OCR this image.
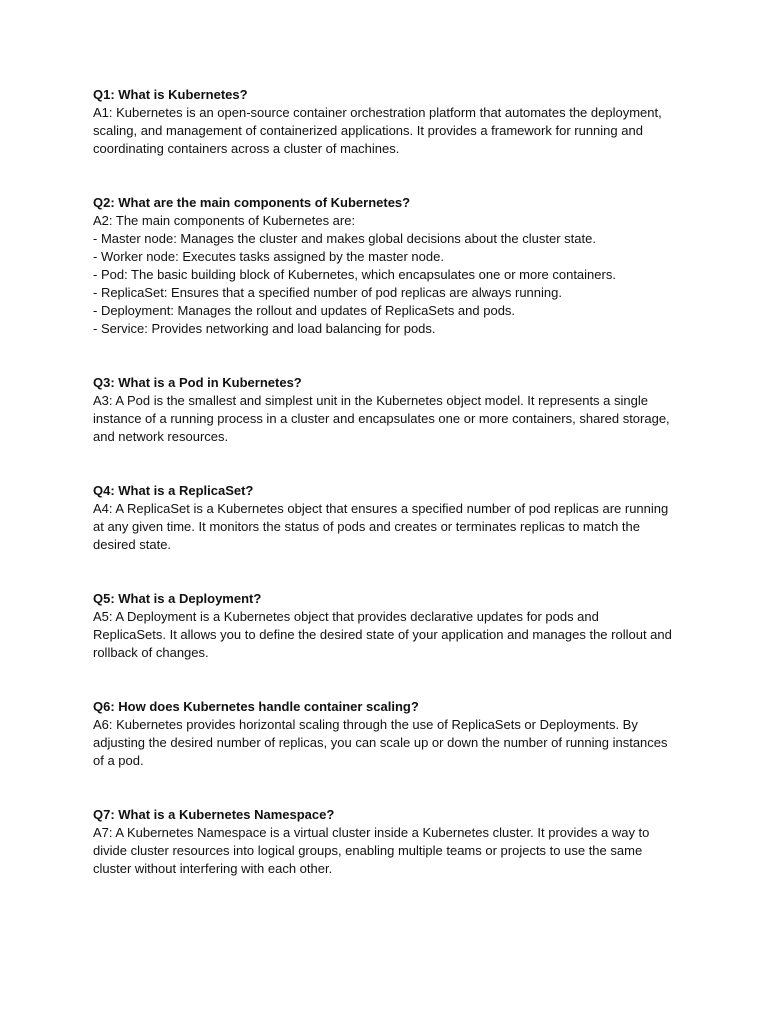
Q1: What is Kubernetes?

A1: Kubernetes is an open-source container orchestration platform that automates the deployment, scaling, and management of containerized applications. It provides a framework for running and coordinating containers across a cluster of machines.

Q2: What are the main components of Kubernetes?

A2: The main components of Kubernetes are:

- Master node: Manages the cluster and makes global decisions about the cluster state.
- Worker node: Executes tasks assigned by the master node.
- Pod: The basic building block of Kubernetes, which encapsulates one or more containers.
- ReplicaSet: Ensures that a specified number of pod replicas are always running.
- Deployment: Manages the rollout and updates of ReplicaSets and pods.
- Service: Provides networking and load balancing for pods.

Q3: What is a Pod in Kubernetes?

A3: A Pod is the smallest and simplest unit in the Kubernetes object model. It represents a single instance of a running process in a cluster and encapsulates one or more containers, shared storage, and network resources.

Q4: What is a ReplicaSet?

A4: A ReplicaSet is a Kubernetes object that ensures a specified number of pod replicas are running at any given time. It monitors the status of pods and creates or terminates replicas to match the desired state.

Q5: What is a Deployment?

A5: A Deployment is a Kubernetes object that provides declarative updates for pods and ReplicaSets. It allows you to define the desired state of your application and manages the rollout and rollback of changes.

Q6: How does Kubernetes handle container scaling?

A6: Kubernetes provides horizontal scaling through the use of ReplicaSets or Deployments. By adjusting the desired number of replicas, you can scale up or down the number of running instances of a pod.

Q7: What is a Kubernetes Namespace?

A7: A Kubernetes Namespace is a virtual cluster inside a Kubernetes cluster. It provides a way to divide cluster resources into logical groups, enabling multiple teams or projects to use the same cluster without interfering with each other.
